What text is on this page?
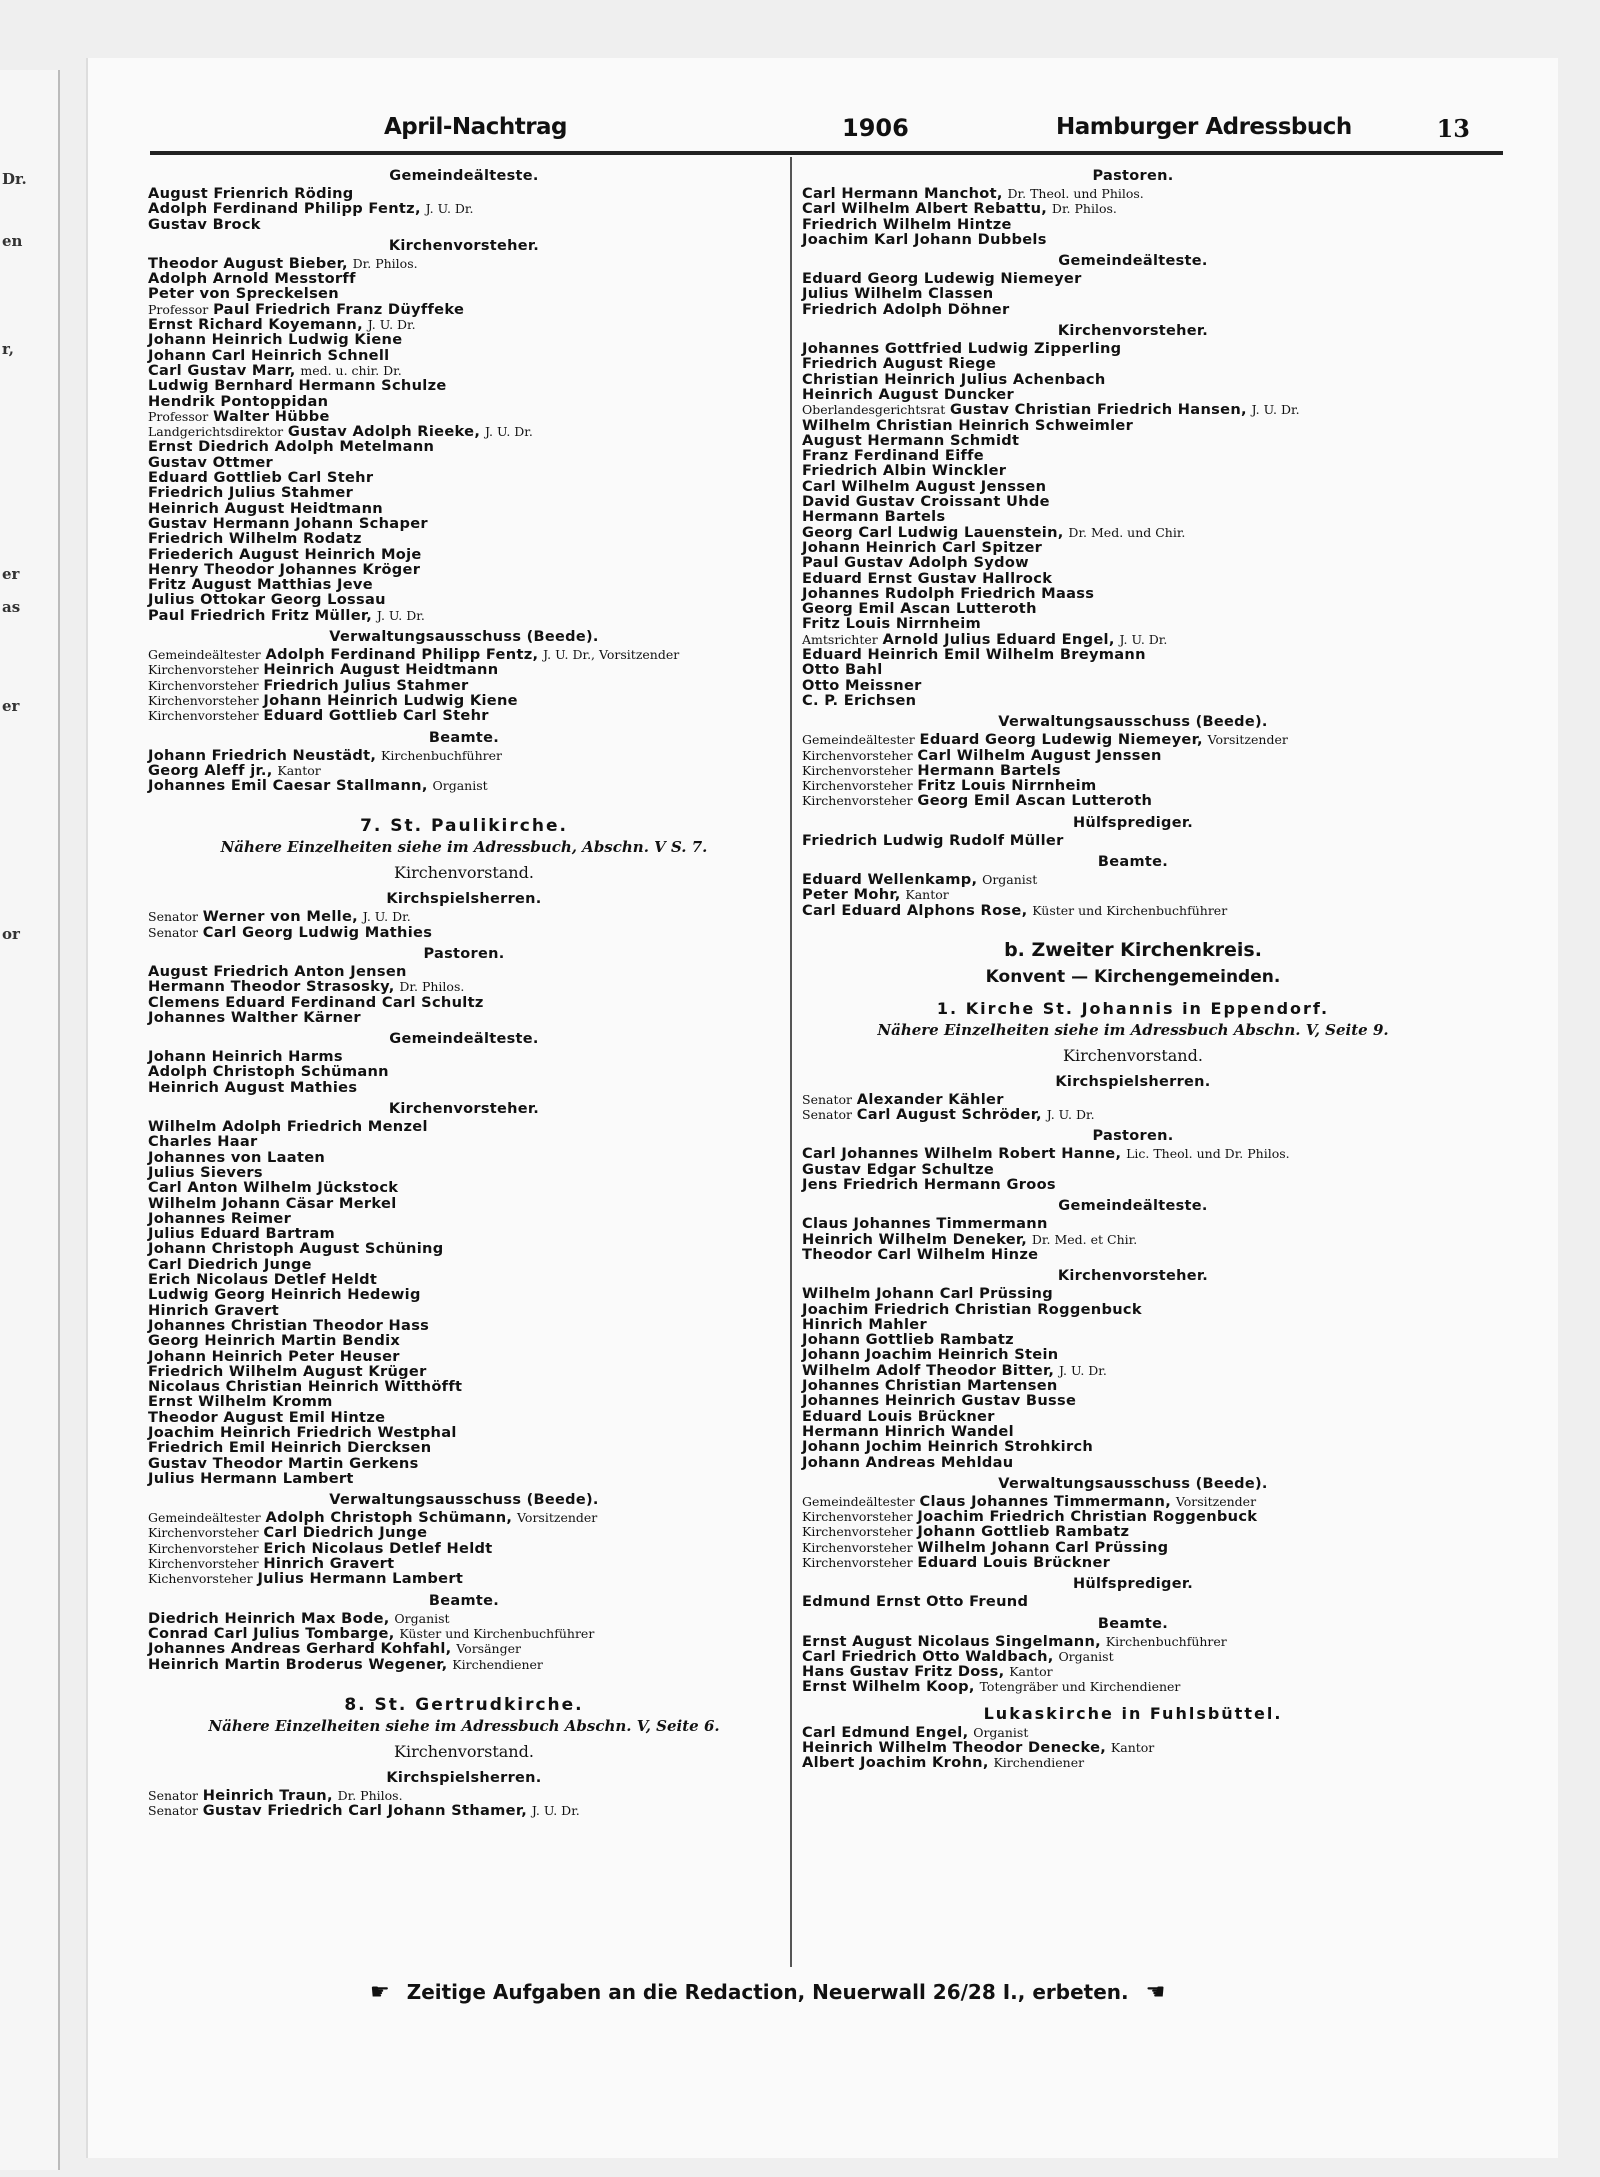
Dr.
en
r,
er
as
er
or
April-Nachtrag	1906	Hamburger Adressbuch	13
Gemeindeälteste.
August Frienrich Röding
Adolph Ferdinand Philipp Fentz, J. U. Dr.
Gustav Brock
Kirchenvorsteher.
Theodor August Bieber, Dr. Philos.
Adolph Arnold Messtorff
Peter von Spreckelsen
Professor Paul Friedrich Franz Düyffeke
Ernst Richard Koyemann, J. U. Dr.
Johann Heinrich Ludwig Kiene
Johann Carl Heinrich Schnell
Carl Gustav Marr, med. u. chir. Dr.
Ludwig Bernhard Hermann Schulze
Hendrik Pontoppidan
Professor Walter Hübbe
Landgerichtsdirektor Gustav Adolph Rieeke, J. U. Dr.
Ernst Diedrich Adolph Metelmann
Gustav Ottmer
Eduard Gottlieb Carl Stehr
Friedrich Julius Stahmer
Heinrich August Heidtmann
Gustav Hermann Johann Schaper
Friedrich Wilhelm Rodatz
Friederich August Heinrich Moje
Henry Theodor Johannes Kröger
Fritz August Matthias Jeve
Julius Ottokar Georg Lossau
Paul Friedrich Fritz Müller, J. U. Dr.
Verwaltungsausschuss (Beede).
Gemeindeältester Adolph Ferdinand Philipp Fentz, J. U. Dr., Vorsitzender
Kirchenvorsteher Heinrich August Heidtmann
Kirchenvorsteher Friedrich Julius Stahmer
Kirchenvorsteher Johann Heinrich Ludwig Kiene
Kirchenvorsteher Eduard Gottlieb Carl Stehr
Beamte.
Johann Friedrich Neustädt, Kirchenbuchführer
Georg Aleff jr., Kantor
Johannes Emil Caesar Stallmann, Organist
7. St. Paulikirche.
Nähere Einzelheiten siehe im Adressbuch, Abschn. V S. 7.
Kirchenvorstand.
Kirchspielsherren.
Senator Werner von Melle, J. U. Dr.
Senator Carl Georg Ludwig Mathies
Pastoren.
August Friedrich Anton Jensen
Hermann Theodor Strasosky, Dr. Philos.
Clemens Eduard Ferdinand Carl Schultz
Johannes Walther Kärner
Gemeindeälteste.
Johann Heinrich Harms
Adolph Christoph Schümann
Heinrich August Mathies
Kirchenvorsteher.
Wilhelm Adolph Friedrich Menzel
Charles Haar
Johannes von Laaten
Julius Sievers
Carl Anton Wilhelm Jückstock
Wilhelm Johann Cäsar Merkel
Johannes Reimer
Julius Eduard Bartram
Johann Christoph August Schüning
Carl Diedrich Junge
Erich Nicolaus Detlef Heldt
Ludwig Georg Heinrich Hedewig
Hinrich Gravert
Johannes Christian Theodor Hass
Georg Heinrich Martin Bendix
Johann Heinrich Peter Heuser
Friedrich Wilhelm August Krüger
Nicolaus Christian Heinrich Witthöfft
Ernst Wilhelm Kromm
Theodor August Emil Hintze
Joachim Heinrich Friedrich Westphal
Friedrich Emil Heinrich Diercksen
Gustav Theodor Martin Gerkens
Julius Hermann Lambert
Verwaltungsausschuss (Beede).
Gemeindeältester Adolph Christoph Schümann, Vorsitzender
Kirchenvorsteher Carl Diedrich Junge
Kirchenvorsteher Erich Nicolaus Detlef Heldt
Kirchenvorsteher Hinrich Gravert
Kichenvorsteher Julius Hermann Lambert
Beamte.
Diedrich Heinrich Max Bode, Organist
Conrad Carl Julius Tombarge, Küster und Kirchenbuchführer
Johannes Andreas Gerhard Kohfahl, Vorsänger
Heinrich Martin Broderus Wegener, Kirchendiener
8. St. Gertrudkirche.
Nähere Einzelheiten siehe im Adressbuch Abschn. V, Seite 6.
Kirchenvorstand.
Kirchspielsherren.
Senator Heinrich Traun, Dr. Philos.
Senator Gustav Friedrich Carl Johann Sthamer, J. U. Dr.
Pastoren.
Carl Hermann Manchot, Dr. Theol. und Philos.
Carl Wilhelm Albert Rebattu, Dr. Philos.
Friedrich Wilhelm Hintze
Joachim Karl Johann Dubbels
Gemeindeälteste.
Eduard Georg Ludewig Niemeyer
Julius Wilhelm Classen
Friedrich Adolph Döhner
Kirchenvorsteher.
Johannes Gottfried Ludwig Zipperling
Friedrich August Riege
Christian Heinrich Julius Achenbach
Heinrich August Duncker
Oberlandesgerichtsrat Gustav Christian Friedrich Hansen, J. U. Dr.
Wilhelm Christian Heinrich Schweimler
August Hermann Schmidt
Franz Ferdinand Eiffe
Friedrich Albin Winckler
Carl Wilhelm August Jenssen
David Gustav Croissant Uhde
Hermann Bartels
Georg Carl Ludwig Lauenstein, Dr. Med. und Chir.
Johann Heinrich Carl Spitzer
Paul Gustav Adolph Sydow
Eduard Ernst Gustav Hallrock
Johannes Rudolph Friedrich Maass
Georg Emil Ascan Lutteroth
Fritz Louis Nirrnheim
Amtsrichter Arnold Julius Eduard Engel, J. U. Dr.
Eduard Heinrich Emil Wilhelm Breymann
Otto Bahl
Otto Meissner
C. P. Erichsen
Verwaltungsausschuss (Beede).
Gemeindeältester Eduard Georg Ludewig Niemeyer, Vorsitzender
Kirchenvorsteher Carl Wilhelm August Jenssen
Kirchenvorsteher Hermann Bartels
Kirchenvorsteher Fritz Louis Nirrnheim
Kirchenvorsteher Georg Emil Ascan Lutteroth
Hülfsprediger.
Friedrich Ludwig Rudolf Müller
Beamte.
Eduard Wellenkamp, Organist
Peter Mohr, Kantor
Carl Eduard Alphons Rose, Küster und Kirchenbuchführer
b. Zweiter Kirchenkreis.
Konvent — Kirchengemeinden.
1. Kirche St. Johannis in Eppendorf.
Nähere Einzelheiten siehe im Adressbuch Abschn. V, Seite 9.
Kirchenvorstand.
Kirchspielsherren.
Senator Alexander Kähler
Senator Carl August Schröder, J. U. Dr.
Pastoren.
Carl Johannes Wilhelm Robert Hanne, Lic. Theol. und Dr. Philos.
Gustav Edgar Schultze
Jens Friedrich Hermann Groos
Gemeindeälteste.
Claus Johannes Timmermann
Heinrich Wilhelm Deneker, Dr. Med. et Chir.
Theodor Carl Wilhelm Hinze
Kirchenvorsteher.
Wilhelm Johann Carl Prüssing
Joachim Friedrich Christian Roggenbuck
Hinrich Mahler
Johann Gottlieb Rambatz
Johann Joachim Heinrich Stein
Wilhelm Adolf Theodor Bitter, J. U. Dr.
Johannes Christian Martensen
Johannes Heinrich Gustav Busse
Eduard Louis Brückner
Hermann Hinrich Wandel
Johann Jochim Heinrich Strohkirch
Johann Andreas Mehldau
Verwaltungsausschuss (Beede).
Gemeindeältester Claus Johannes Timmermann, Vorsitzender
Kirchenvorsteher Joachim Friedrich Christian Roggenbuck
Kirchenvorsteher Johann Gottlieb Rambatz
Kirchenvorsteher Wilhelm Johann Carl Prüssing
Kirchenvorsteher Eduard Louis Brückner
Hülfsprediger.
Edmund Ernst Otto Freund
Beamte.
Ernst August Nicolaus Singelmann, Kirchenbuchführer
Carl Friedrich Otto Waldbach, Organist
Hans Gustav Fritz Doss, Kantor
Ernst Wilhelm Koop, Totengräber und Kirchendiener
Lukaskirche in Fuhlsbüttel.
Carl Edmund Engel, Organist
Heinrich Wilhelm Theodor Denecke, Kantor
Albert Joachim Krohn, Kirchendiener
☛ Zeitige Aufgaben an die Redaction, Neuerwall 26/28 I., erbeten. ☚
